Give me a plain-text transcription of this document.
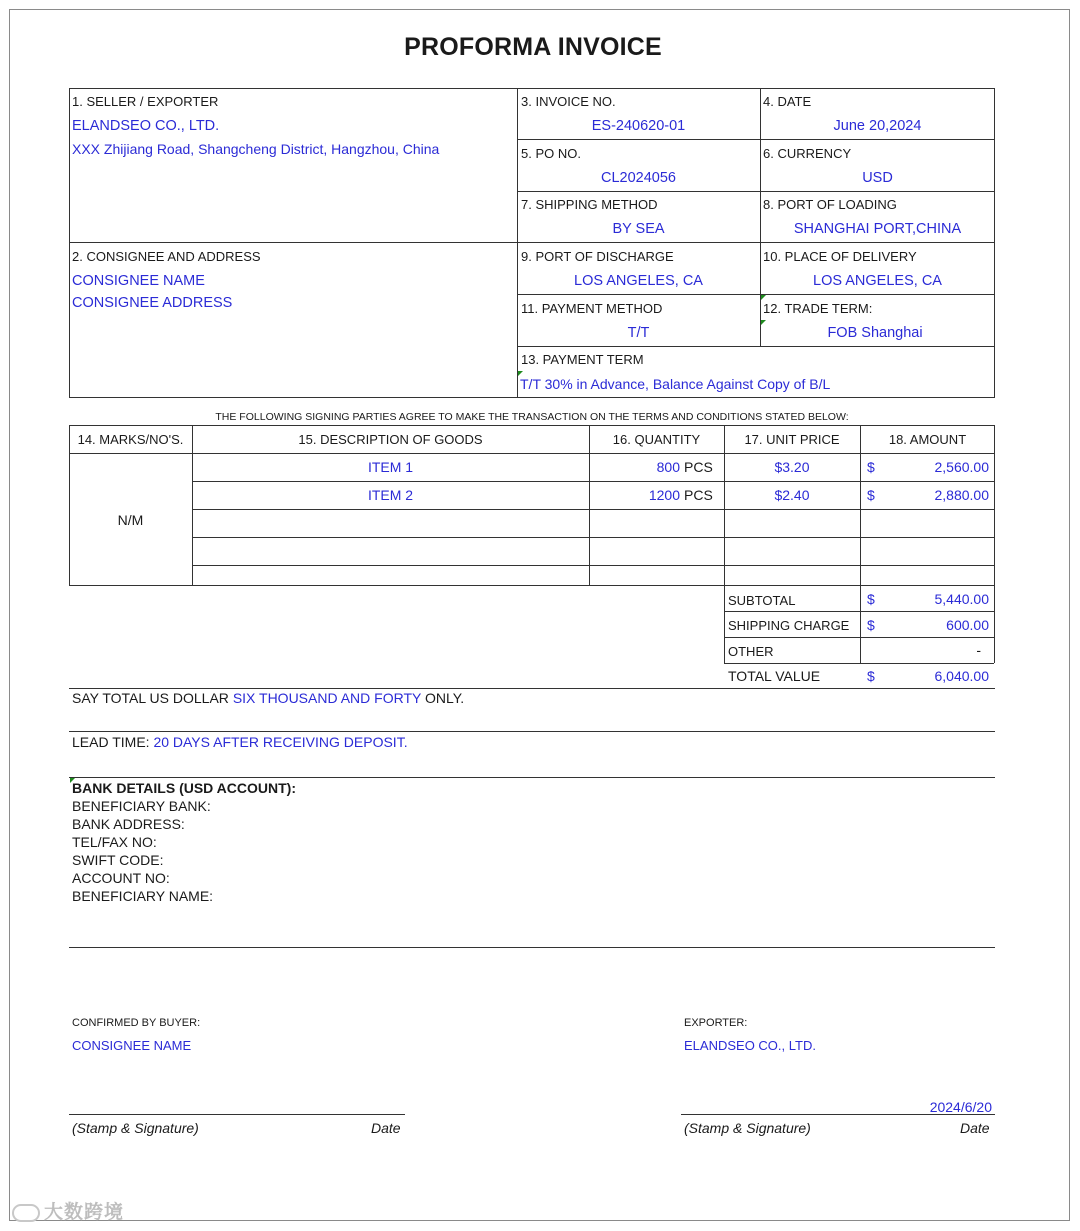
PROFORMA INVOICE
1. SELLER / EXPORTER
ELANDSEO CO., LTD.
XXX Zhijiang Road, Shangcheng District, Hangzhou, China
3. INVOICE NO.
ES-240620-01
4. DATE
June 20,2024
5. PO NO.
CL2024056
6. CURRENCY
USD
7. SHIPPING METHOD
BY SEA
8. PORT OF LOADING
SHANGHAI PORT,CHINA
2. CONSIGNEE AND ADDRESS
CONSIGNEE NAME
CONSIGNEE ADDRESS
9. PORT OF DISCHARGE
LOS ANGELES, CA
10. PLACE OF DELIVERY
LOS ANGELES, CA
11. PAYMENT METHOD
T/T
12. TRADE TERM:
FOB Shanghai
13. PAYMENT TERM
T/T 30% in Advance, Balance Against Copy of B/L
THE FOLLOWING SIGNING PARTIES AGREE TO MAKE THE TRANSACTION ON THE TERMS AND CONDITIONS STATED BELOW:
14. MARKS/NO'S.	15. DESCRIPTION OF GOODS	16. QUANTITY	17. UNIT PRICE	18. AMOUNT
N/M
ITEM 1	800 PCS	$3.20	$	2,560.00
ITEM 2	1200 PCS	$2.40	$	2,880.00
SUBTOTAL	$	5,440.00
SHIPPING CHARGE $	600.00
OTHER	-
TOTAL VALUE	$	6,040.00
SAY TOTAL US DOLLAR SIX THOUSAND AND FORTY ONLY.
LEAD TIME: 20 DAYS AFTER RECEIVING DEPOSIT.
BANK DETAILS (USD ACCOUNT):
BENEFICIARY BANK:
BANK ADDRESS:
TEL/FAX NO:
SWIFT CODE:
ACCOUNT NO:
BENEFICIARY NAME:
CONFIRMED BY BUYER:
CONSIGNEE NAME
(Stamp & Signature)	Date
EXPORTER:
ELANDSEO CO., LTD.
2024/6/20
(Stamp & Signature)	Date
大数跨境
